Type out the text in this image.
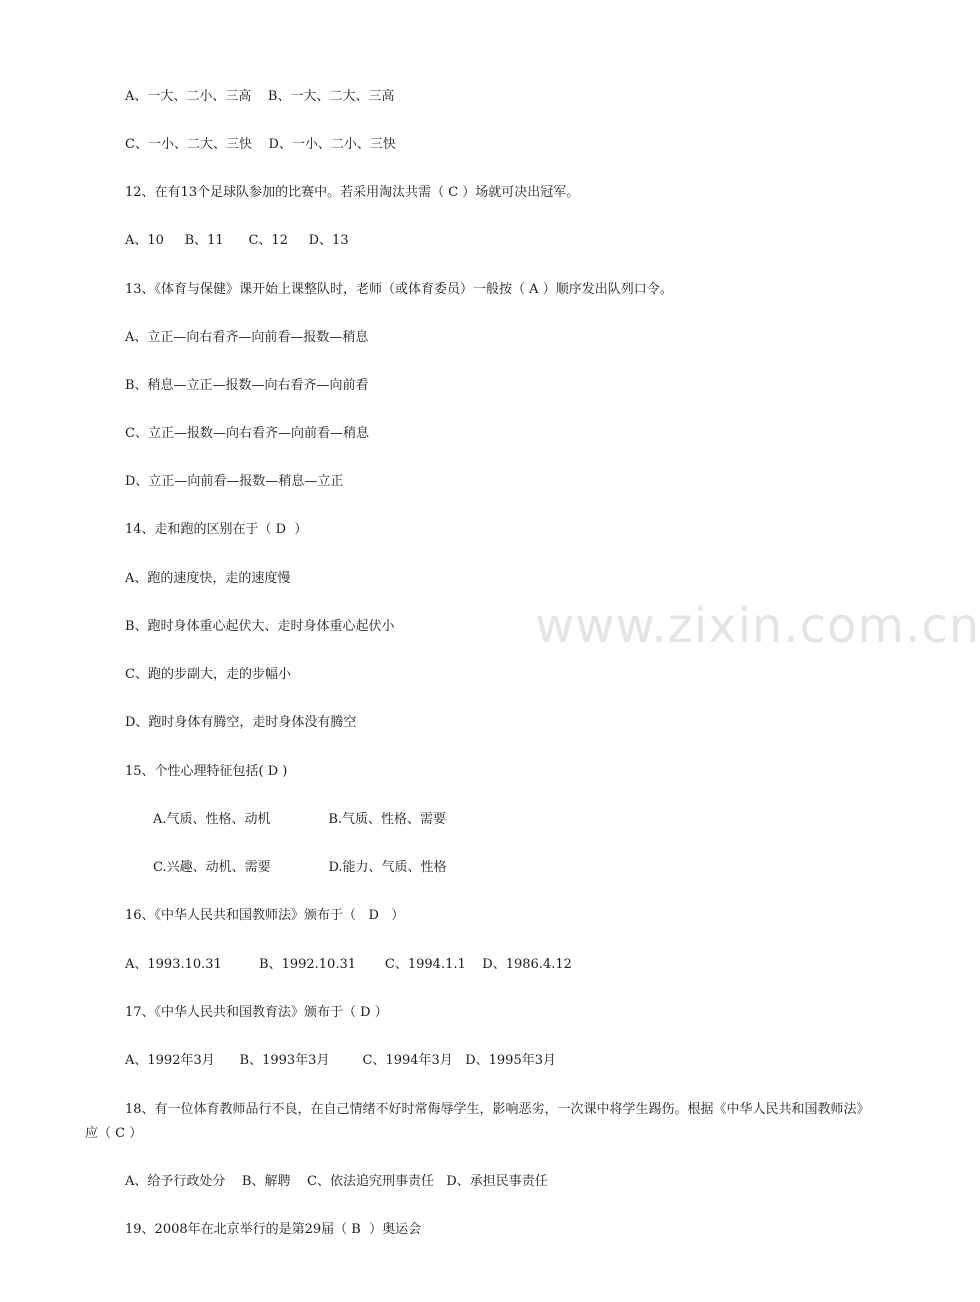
A、一大、二小、三高    B、一大、二大、三高
C、一小、二大、三快    D、一小、二小、三快
12、在有13个足球队参加的比赛中。若采用淘汰共需（ C ）场就可决出冠军。
A、10     B、11      C、12     D、13
13、《体育与保健》课开始上课整队时，老师（或体育委员）一般按（ A ）顺序发出队列口令。
A、立正—向右看齐—向前看—报数—稍息
B、稍息—立正—报数—向右看齐—向前看
C、立正—报数—向右看齐—向前看—稍息
D、立正—向前看—报数—稍息—立正
14、走和跑的区别在于（ D  ）
A、跑的速度快，走的速度慢
B、跑时身体重心起伏大、走时身体重心起伏小
C、跑的步副大，走的步幅小
D、跑时身体有腾空，走时身体没有腾空
15、个性心理特征包括( D )
A.气质、性格、动机              B.气质、性格、需要
C.兴趣、动机、需要              D.能力、气质、性格
16、《中华人民共和国教师法》颁布于（   D   ）
A、1993.10.31         B、1992.10.31       C、1994.1.1    D、1986.4.12
17、《中华人民共和国教育法》颁布于（ D ）
A、1992年3月      B、1993年3月        C、1994年3月   D、1995年3月
18、有一位体育教师品行不良，在自己情绪不好时常侮辱学生，影响恶劣，一次课中将学生踢伤。根据《中华人民共和国教师法》应（ C ）
A、给予行政处分    B、解聘    C、依法追究刑事责任   D、承担民事责任
19、2008年在北京举行的是第29届（ B  ）奥运会
www.zixin.com.cn
